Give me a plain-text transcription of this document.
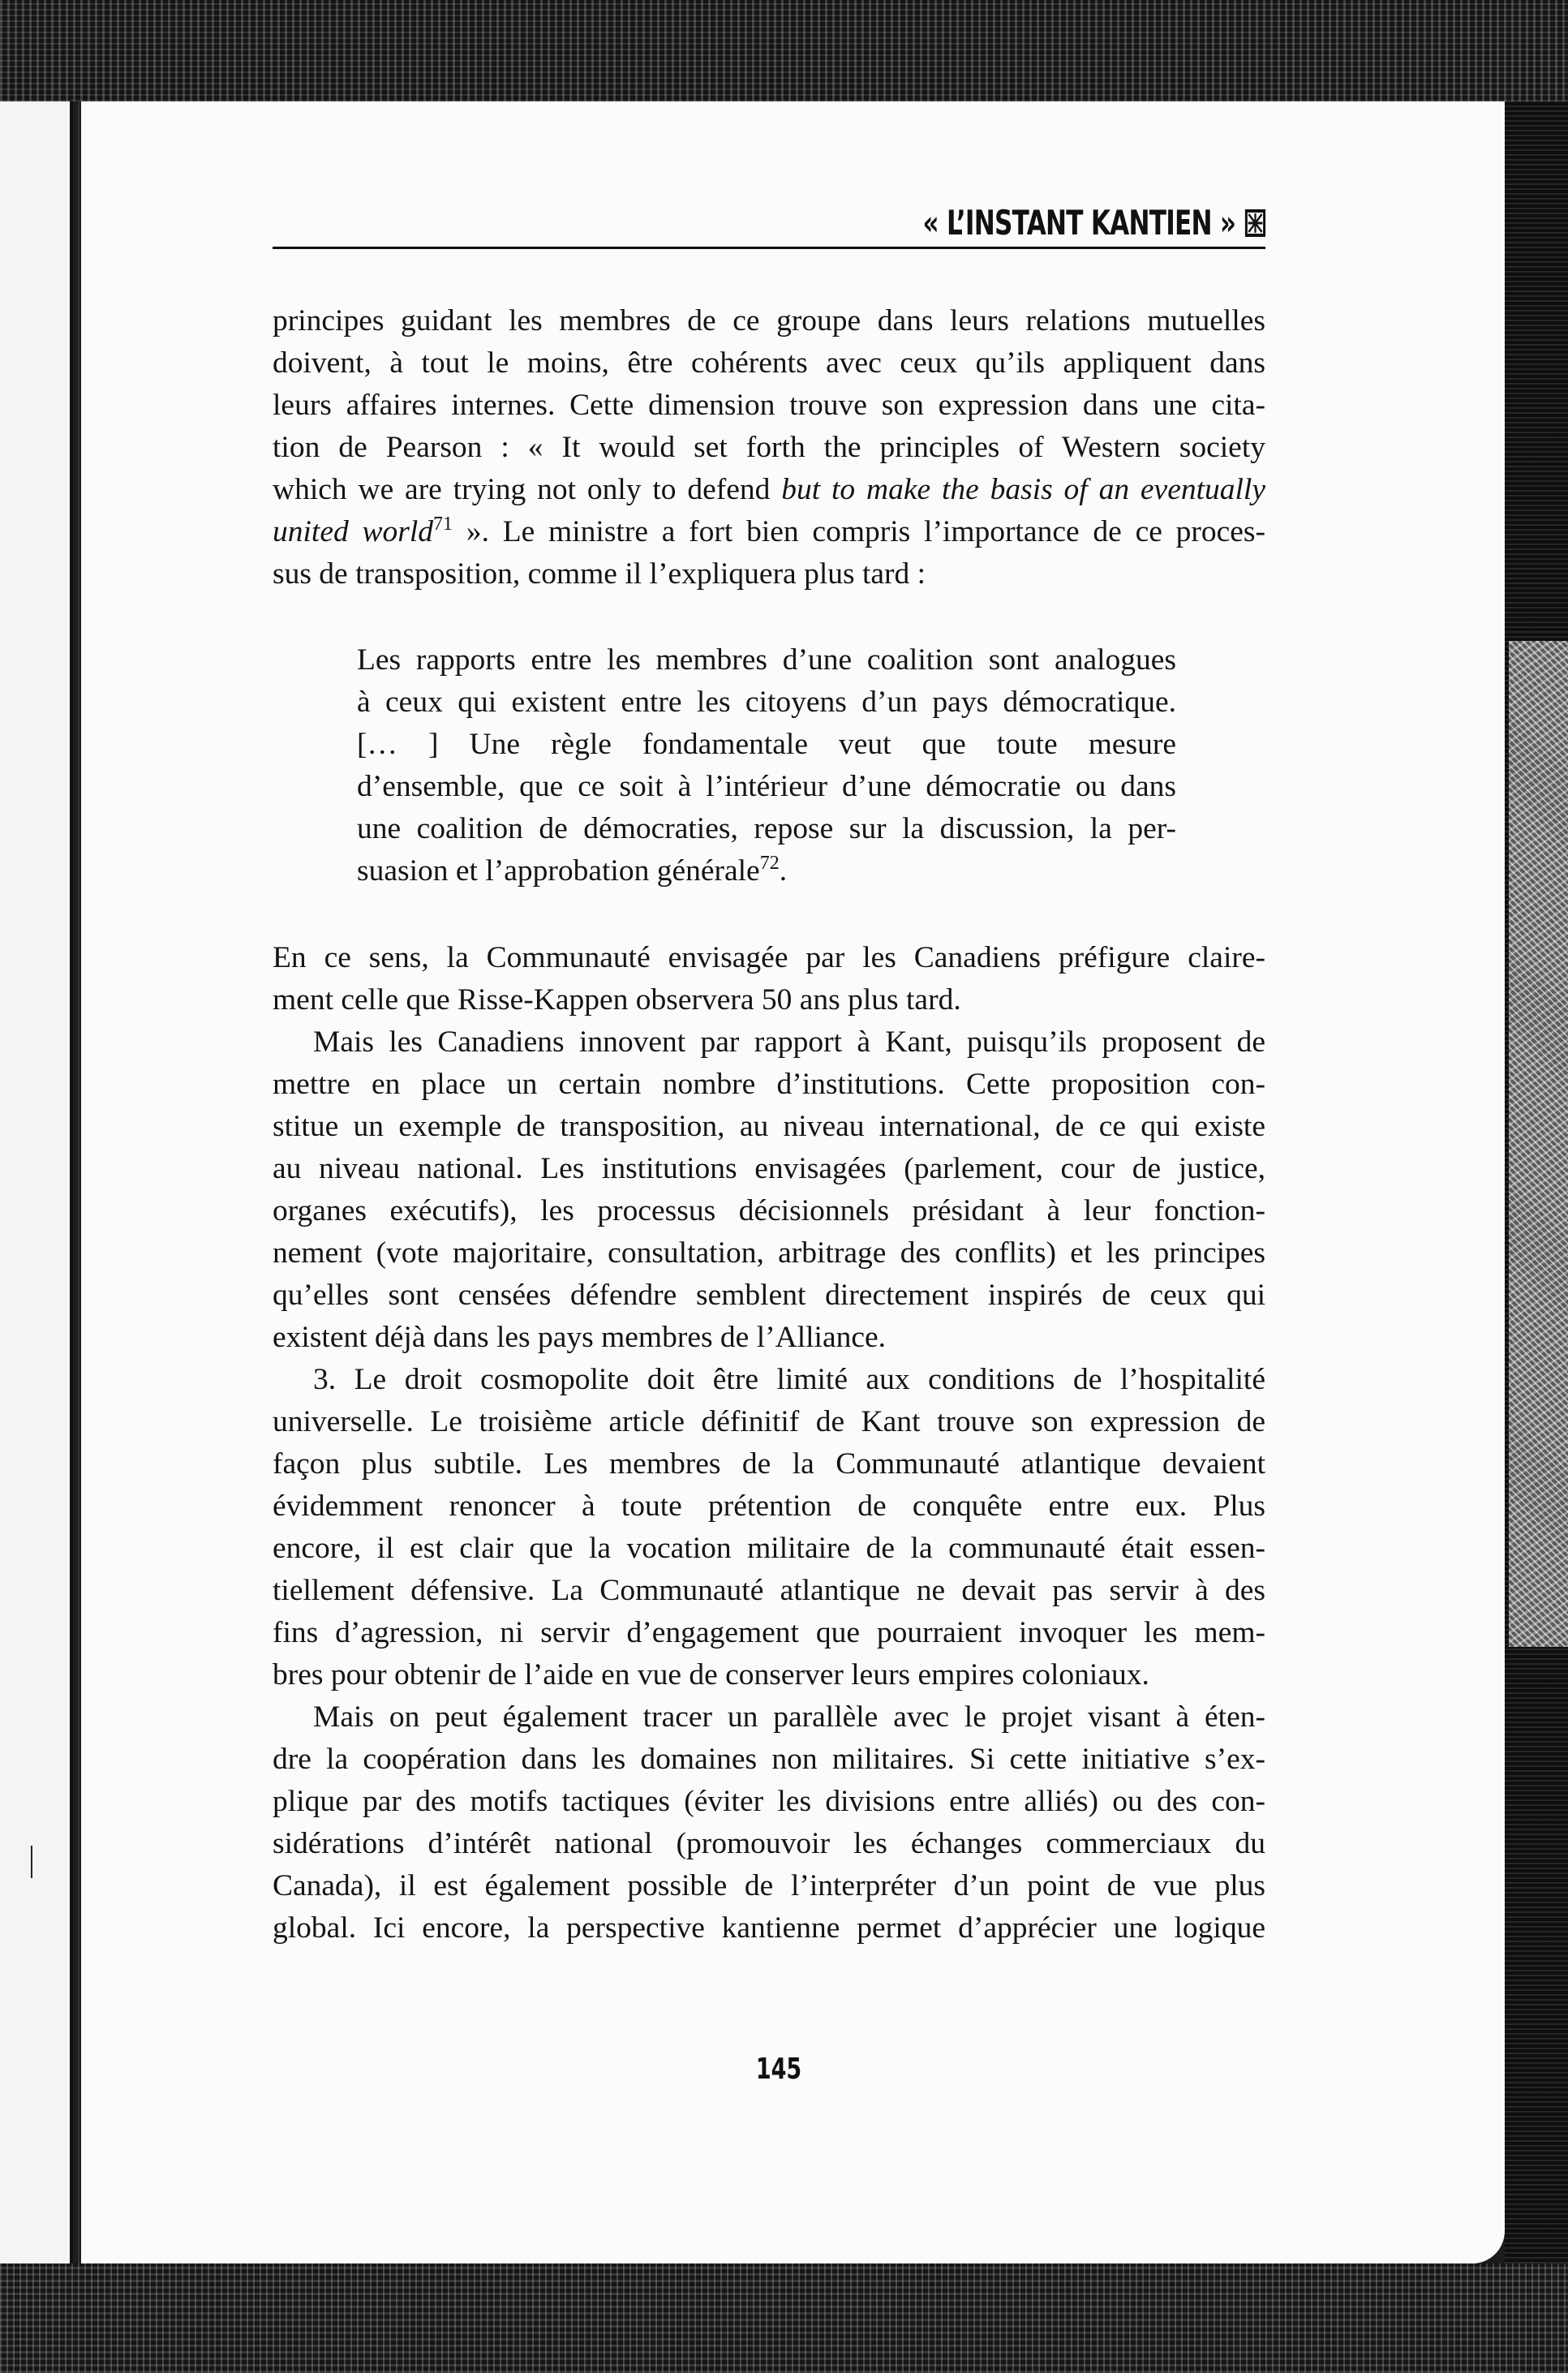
« L’INSTANT KANTIEN »
principes guidant les membres de ce groupe dans leurs relations mutuelles
doivent, à tout le moins, être cohérents avec ceux qu’ils appliquent dans
leurs affaires internes. Cette dimension trouve son expression dans une cita-
tion de Pearson : « It would set forth the principles of Western society
which we are trying not only to defend but to make the basis of an eventually
united world$^{71}$ ». Le ministre a fort bien compris l’importance de ce proces-
sus de transposition, comme il l’expliquera plus tard :
Les rapports entre les membres d’une coalition sont analogues
à ceux qui existent entre les citoyens d’un pays démocratique.
[… ] Une règle fondamentale veut que toute mesure
d’ensemble, que ce soit à l’intérieur d’une démocratie ou dans
une coalition de démocraties, repose sur la discussion, la per-
suasion et l’approbation générale$^{72}$.
En ce sens, la Communauté envisagée par les Canadiens préfigure claire-
ment celle que Risse-Kappen observera 50 ans plus tard.
Mais les Canadiens innovent par rapport à Kant, puisqu’ils proposent de
mettre en place un certain nombre d’institutions. Cette proposition con-
stitue un exemple de transposition, au niveau international, de ce qui existe
au niveau national. Les institutions envisagées (parlement, cour de justice,
organes exécutifs), les processus décisionnels présidant à leur fonction-
nement (vote majoritaire, consultation, arbitrage des conflits) et les principes
qu’elles sont censées défendre semblent directement inspirés de ceux qui
existent déjà dans les pays membres de l’Alliance.
3. Le droit cosmopolite doit être limité aux conditions de l’hospitalité
universelle. Le troisième article définitif de Kant trouve son expression de
façon plus subtile. Les membres de la Communauté atlantique devaient
évidemment renoncer à toute prétention de conquête entre eux. Plus
encore, il est clair que la vocation militaire de la communauté était essen-
tiellement défensive. La Communauté atlantique ne devait pas servir à des
fins d’agression, ni servir d’engagement que pourraient invoquer les mem-
bres pour obtenir de l’aide en vue de conserver leurs empires coloniaux.
Mais on peut également tracer un parallèle avec le projet visant à éten-
dre la coopération dans les domaines non militaires. Si cette initiative s’ex-
plique par des motifs tactiques (éviter les divisions entre alliés) ou des con-
sidérations d’intérêt national (promouvoir les échanges commerciaux du
Canada), il est également possible de l’interpréter d’un point de vue plus
global. Ici encore, la perspective kantienne permet d’apprécier une logique
145
